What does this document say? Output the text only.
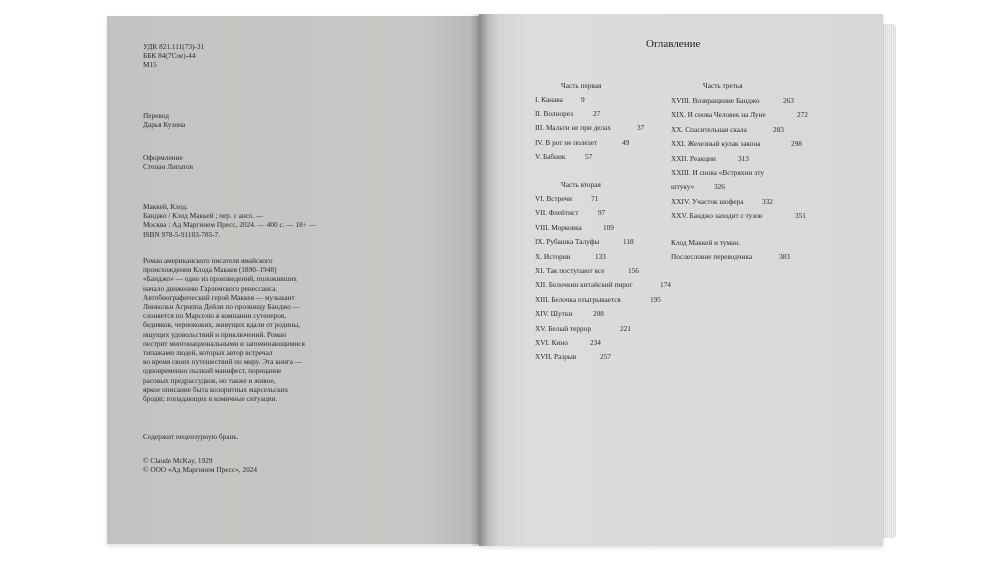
УДК 821.111(73)-31
ББК 84(7Сое)-44
М15
Перевод
Дарья Кузина
Оформление
Степан Липатов
Маккей, Клод.
Банджо / Клод Маккей ; пер. с англ. —
Москва : Ад Маргинем Пресс, 2024. — 400 с. — 18+ —
ISBN 978-5-91103-785-7.
Роман американского писателя ямайского
происхождения Клода Маккея (1890–1948)
«Банджо» — одно из произведений, положивших
начало движению Гарлемского ренессанса.
Автобиографический герой Маккея — музыкант
Линкольн Агриппа Дейли по прозвищу Банджо —
слоняется по Марселю в компании сутенеров,
бедняков, чернокожих, живущих вдали от родины,
ищущих удовольствий и приключений. Роман
пестрит многонациональными и запоминающимися
типажами людей, которых автор встречал
во время своих путешествий по миру. Эта книга —
одновременно пылкий манифест, порицание
расовых предрассудков, но также и живое,
яркое описание быта колоритных марсельских
бродяг, попадающих в комичные ситуации.
Содержит нецензурную брань.
© Claude McKay, 1929
© ООО «Ад Маргинем Пресс», 2024
Оглавление
Часть первая
I. Канава 9
II. Волнорез	27
III. Мальти не при делах	37
IV. В рот не полезет	49
V. Бабник	57
Часть вторая
VI. Встречи	71
VII. Флейтист	97
VIII. Морковка	109
IX. Рубашка Талуфы	118
X. Истории	133
XI. Так поступают все	156
XII. Белочкин китайский пирог	174
XIII. Белочка отыгрывается	195
XIV. Шутки	208
XV. Белый террор	221
XVI. Кино	234
XVII. Разрыв	257
Часть третья
XVIII. Возвращение Банджо	263
XIX. И снова Человек на Луне	272
XX. Спасительная скала	283
XXI. Железный кулак закона	298
XXII. Реакции	313
XXIII. И снова «Встряхни эту
штуку»	326
XXIV. Участок шофера	332
XXV. Банджо заходит с тузов	351
Клод Маккей и туман.
Послесловие переводчика	383
